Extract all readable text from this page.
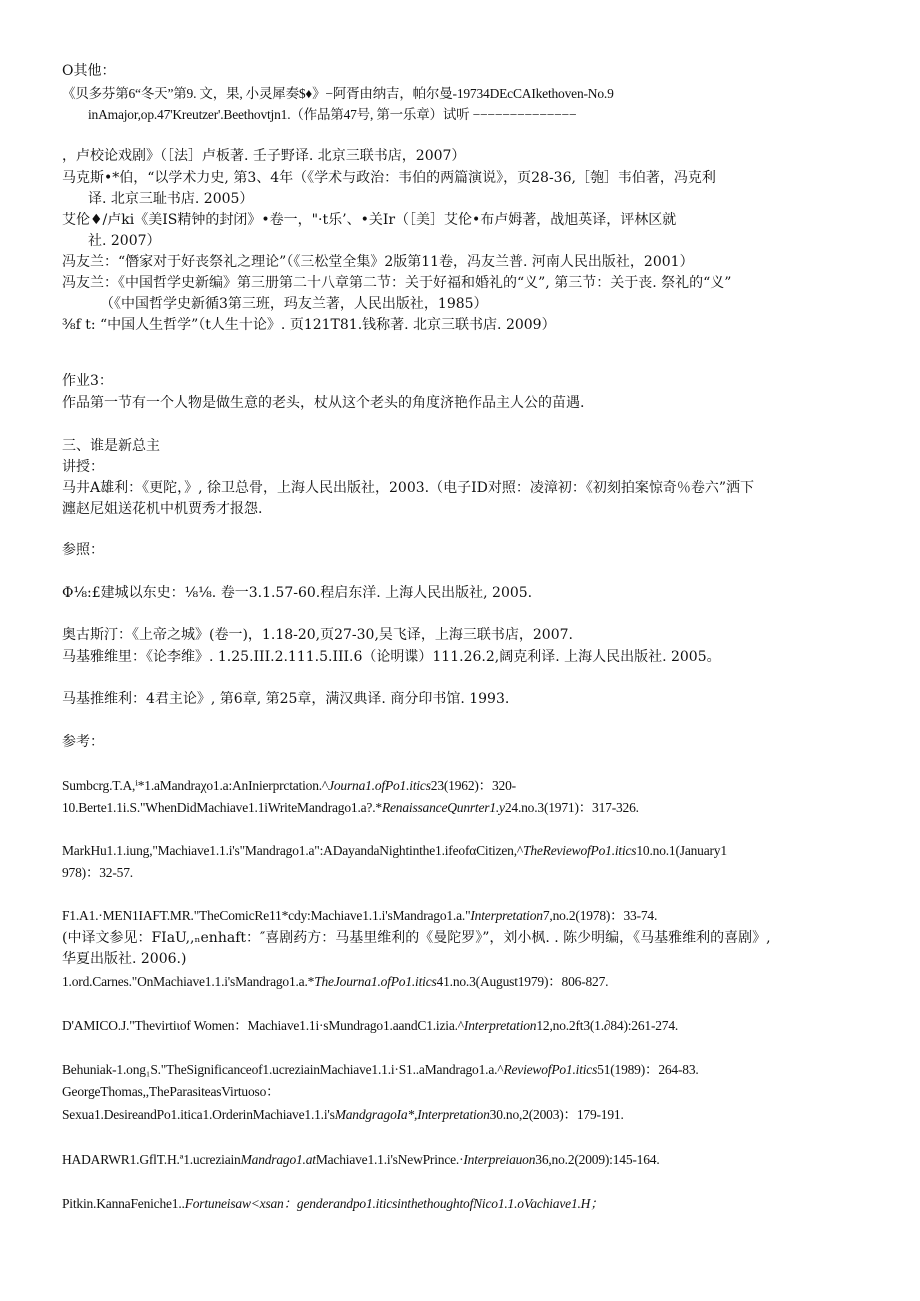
O其他：
《贝多芬第6“冬天”第9. 文，果, 小灵犀奏$♦》−阿胥由纳吉，帕尔曼-19734DEcCAIkethoven-No.9
inAmajor,op.47'Kreutzer'.Beethovtjn1.（作品第47号, 第一乐章）试听 −−−−−−−−−−−−−−
，卢校论戏剧》（［法］卢板著. 壬子野译. 北京三联书店，2007）
马克斯•*伯，“以学术力史, 第3、4年（《学术与政治：韦伯的两篇演说》，页28-36,［匏］韦伯著，冯克利
译. 北京三耻书店. 2005）
艾伦♦/卢ki《美IS精钟的封闭》•卷一，"·t乐’、•关Ir（［美］艾伦•布卢姆著，战旭英译，评林区就
社. 2007）
冯友兰：“僭家对于好丧祭礼之理论”（《三松堂全集》2版第11卷，冯友兰普. 河南人民出版社，2001）
冯友兰：《中国哲学史新编》第三册第二十八章第二节：关于好福和婚礼的“义”, 第三节：关于丧. 祭礼的“义”
（《中国哲学史新循3第三班，玛友兰著，人民出版社，1985）
⅜f t: “中国人生哲学”（t人生十论》. 页121T81.钱称著. 北京三联书店. 2009）
作业3：
作品第一节有一个人物是做生意的老头，杖从这个老头的角度济艳作品主人公的苗遇.
三、谁是新总主
讲授：
马井A雄利：《更陀，》, 徐卫总骨，上海人民出版社，2003.（电子ID对照：凌漳初：《初刻拍案惊奇％卷六”洒下
瀍赵尼姐送花机中机贾秀才报怨.
参照：
Φ⅛:£建城以东史：⅛⅛. 卷一3.1.57-60.程启东洋. 上海人民出版社, 2005.
奥古斯汀：《上帝之城》(卷一)，1.18-20,页27-30,吴飞译，上海三联书店，2007.
马基雅维里：《论李维》. 1.25.III.2.111.5.III.6（论明谍）111.26.2,阔克利译. 上海人民出版社. 2005。
马基推维利：4君主论》, 第6章, 第25章，满汉典译. 商分印书馆. 1993.
参考：
Sumbcrg.T.A,ⁱ*1.aMandraχo1.a:AnInierprctation.^Journa1.ofPo1.itics23(1962)：320-
10.Berte1.1i.S."WhenDidMachiave1.1iWriteMandrago1.a?.*RenaissanceQunrter1.y24.no.3(1971)：317-326.
MarkHu1.1.iung,"Machiave1.1.i's"Mandrago1.a":ADayandaNightinthe1.ifeofαCitizen,^TheReviewofPo1.itics10.no.1(January1
978)：32-57.
F1.A1.·MEN1IAFT.MR."TheComicRe11*cdy:Machiave1.1.i'sMandrago1.a."Interpretation7,no.2(1978)：33-74.
(中译文参见：FIaU,,ₙenhaft：″喜剧药方：马基里维利的《曼陀罗》”，刘小枫. . 陈少明编，《马基雅维利的喜剧》,
华夏出版社. 2006.)
1.ord.Carnes."OnMachiave1.1.i'sMandrago1.a.*TheJourna1.ofPo1.itics41.no.3(August1979)：806-827.
D'AMICO.J."Thevirtiιof Women：Machiave1.1i·sMundrago1.aandC1.izia.^Interpretation12,no.2ft3(1.∂84):261-274.
Behuniak-1.ong₁S."TheSignificanceof1.ucreziainMachiave1.1.i·S1..aMandrago1.a.^ReviewofPo1.itics51(1989)：264-83.
GeorgeThomas,,TheParasiteasVirtuoso：
Sexua1.DesireandPo1.itica1.OrderinMachiave1.1.i'sMandgragoIa*,Interpretation30.no,2(2003)：179-191.
HADARWR1.GflT.H.ª1.ucreziainMandrago1.atMachiave1.1.i'sNewPrince.·Interpreiauon36,no.2(2009):145-164.
Pitkin.KannaFeniche1..Fortuneisaw<xsan：genderandpo1.iticsinthethoughtofNico1.1.oVachiave1.H；
